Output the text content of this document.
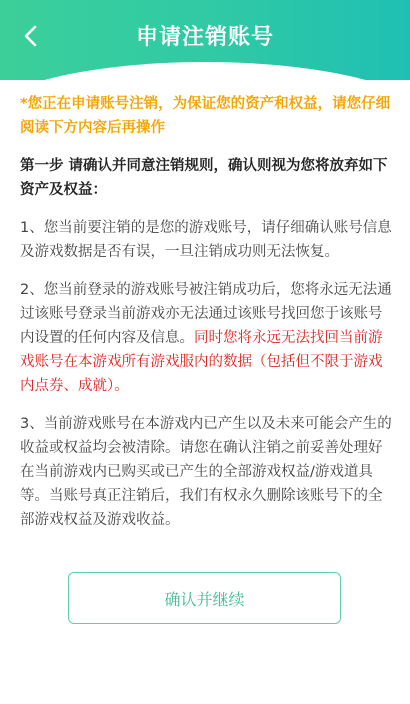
申请注销账号

*您正在申请账号注销，为保证您的资产和权益，请您仔细阅读下方内容后再操作

第一步 请确认并同意注销规则，确认则视为您将放弃如下资产及权益：

1、您当前要注销的是您的游戏账号，请仔细确认账号信息及游戏数据是否有误，一旦注销成功则无法恢复。

2、您当前登录的游戏账号被注销成功后，您将永远无法通过该账号登录当前游戏亦无法通过该账号找回您于该账号内设置的任何内容及信息。同时您将永远无法找回当前游戏账号在本游戏所有游戏服内的数据（包括但不限于游戏内点券、成就）。

3、当前游戏账号在本游戏内已产生以及未来可能会产生的收益或权益均会被清除。请您在确认注销之前妥善处理好在当前游戏内已购买或已产生的全部游戏权益/游戏道具等。当账号真正注销后，我们有权永久删除该账号下的全部游戏权益及游戏收益。

确认并继续
